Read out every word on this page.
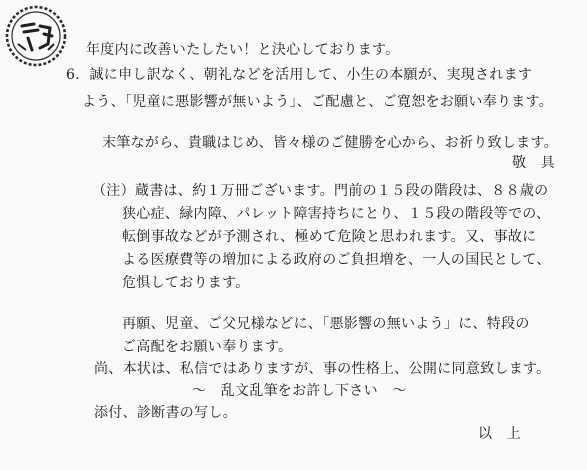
年度内に改善いたしたい！と決心しております。
6．誠に申し訳なく、朝礼などを活用して、小生の本願が、実現されます
よう、「児童に悪影響が無いよう」、ご配慮と、ご寛恕をお願い奉ります。
末筆ながら、貴職はじめ、皆々様のご健勝を心から、お祈り致します。
敬　具
（注）蔵書は、約１万冊ございます。門前の１５段の階段は、８８歳の
狭心症、緑内障、パレット障害持ちにとり、１５段の階段等での、
転倒事故などが予測され、極めて危険と思われます。又、事故に
よる医療費等の増加による政府のご負担増を、一人の国民として、
危惧しております。
再願、児童、ご父兄様などに、「悪影響の無いよう」に、特段の
ご高配をお願い奉ります。
尚、本状は、私信ではありますが、事の性格上、公開に同意致します。
～　乱文乱筆をお許し下さい　～
添付、診断書の写し。
以　上
